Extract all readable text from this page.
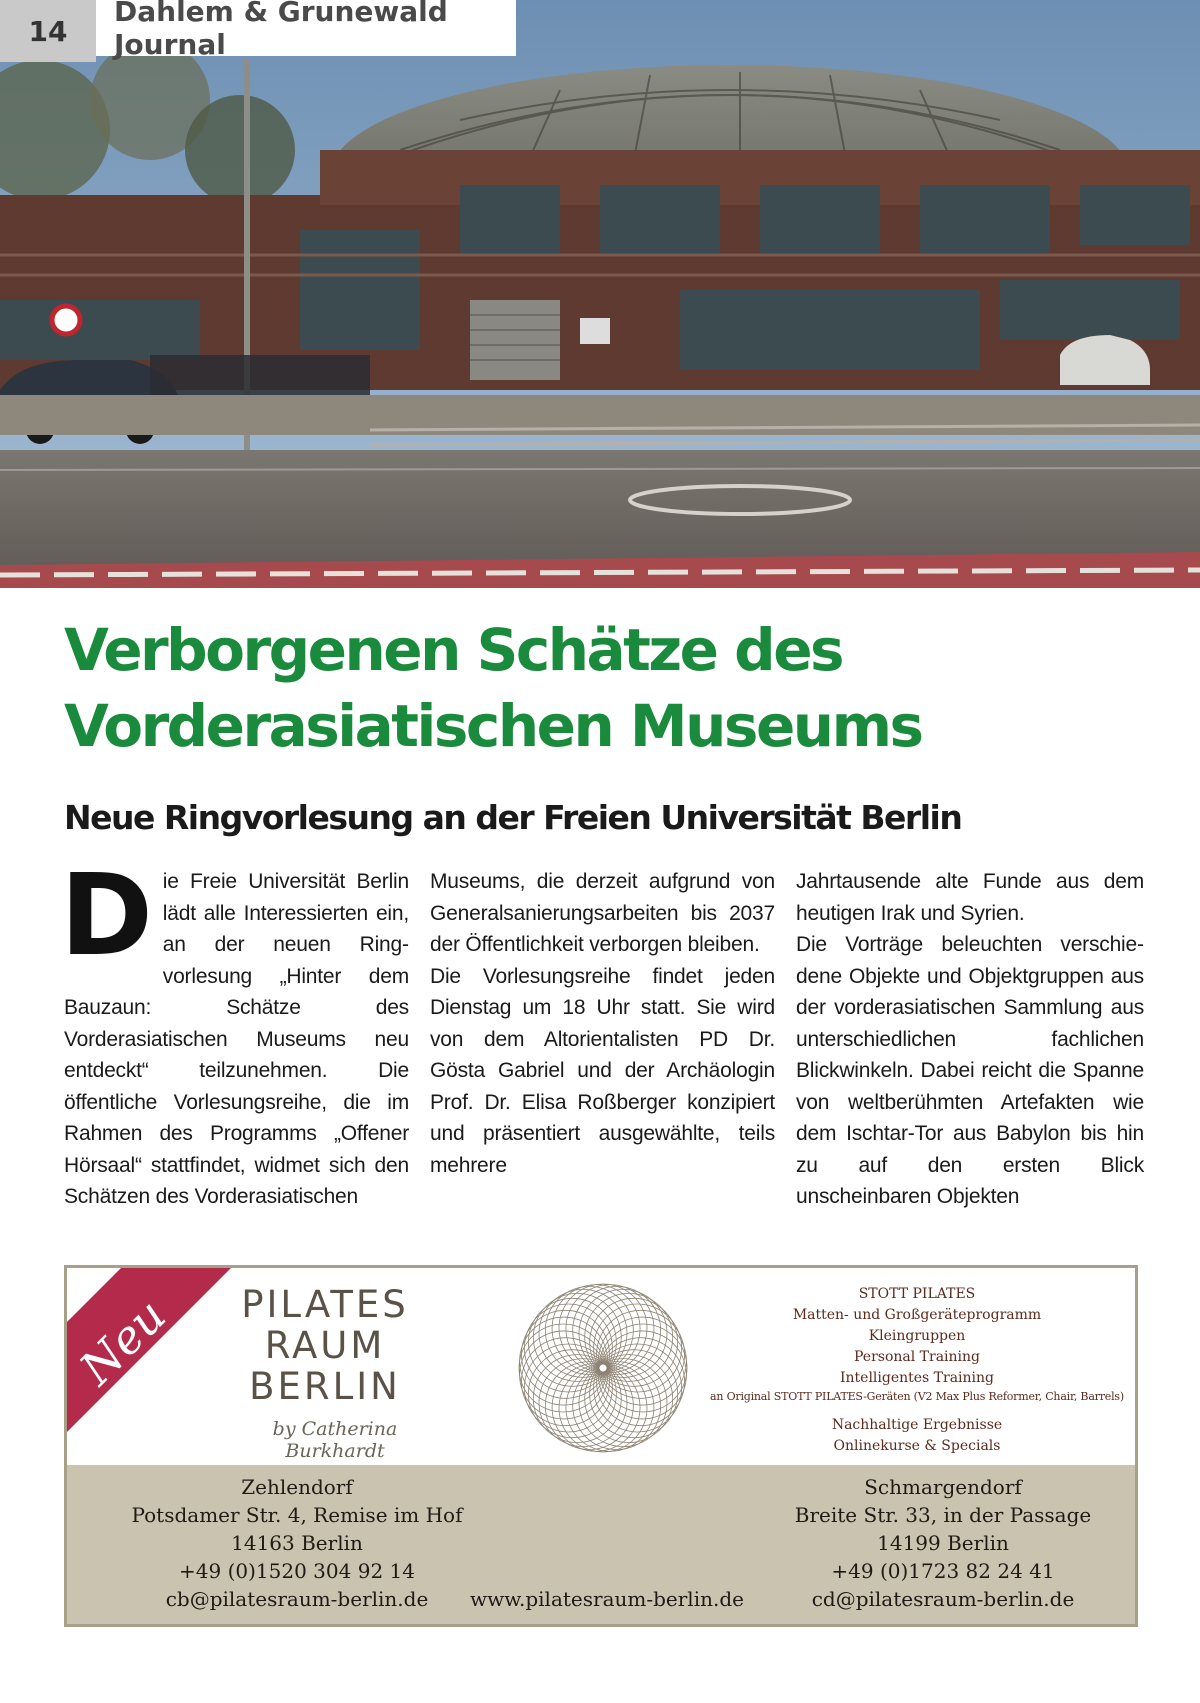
14
Dahlem & Grunewald Journal
Verborgenen Schätze des
Vorderasiatischen Museums
Neue Ringvorlesung an der Freien Universität Berlin
D ie Freie Universität Berlin lädt alle Interessierten ein, an der neuen Ringvorlesung „Hinter dem Bauzaun: Schätze des Vorderasiatischen Museums neu entdeckt“ teilzunehmen. Die öffentliche Vorlesungsreihe, die im Rahmen des Programms „Offener Hörsaal“ stattfindet, widmet sich den Schätzen des Vorderasiatischen

Museums, die derzeit aufgrund von Generalsanierungsarbeiten bis 2037 der Öffentlichkeit verborgen bleiben.

Die Vorlesungsreihe findet jeden Dienstag um 18 Uhr statt. Sie wird von dem Altorientalisten PD Dr. Gösta Gabriel und der Archäologin Prof. Dr. Elisa Roßberger konzipiert und präsentiert ausgewählte, teils mehrere

Jahrtausende alte Funde aus dem heutigen Irak und Syrien.

Die Vorträge beleuchten verschiedene Objekte und Objektgruppen aus der vorderasiatischen Sammlung aus unterschiedlichen fachlichen Blickwinkeln. Dabei reicht die Spanne von weltberühmten Artefakten wie dem Ischtar-Tor aus Babylon bis hin zu auf den ersten Blick unscheinbaren Objekten

Neu	PILATES
RAUM
BERLIN
by Catherina Burkhardt
STOTT PILATES
Matten- und Großgeräteprogramm
Kleingruppen
Personal Training
Intelligentes Training
an Original STOTT PILATES-Geräten (V2 Max Plus Reformer, Chair, Barrels)
Nachhaltige Ergebnisse
Onlinekurse & Specials
Zehlendorf
Potsdamer Str. 4, Remise im Hof
14163 Berlin
+49 (0)1520 304 92 14
cb@pilatesraum-berlin.de	www.pilatesraum-berlin.de
Schmargendorf
Breite Str. 33, in der Passage
14199 Berlin
+49 (0)1723 82 24 41
cd@pilatesraum-berlin.de
